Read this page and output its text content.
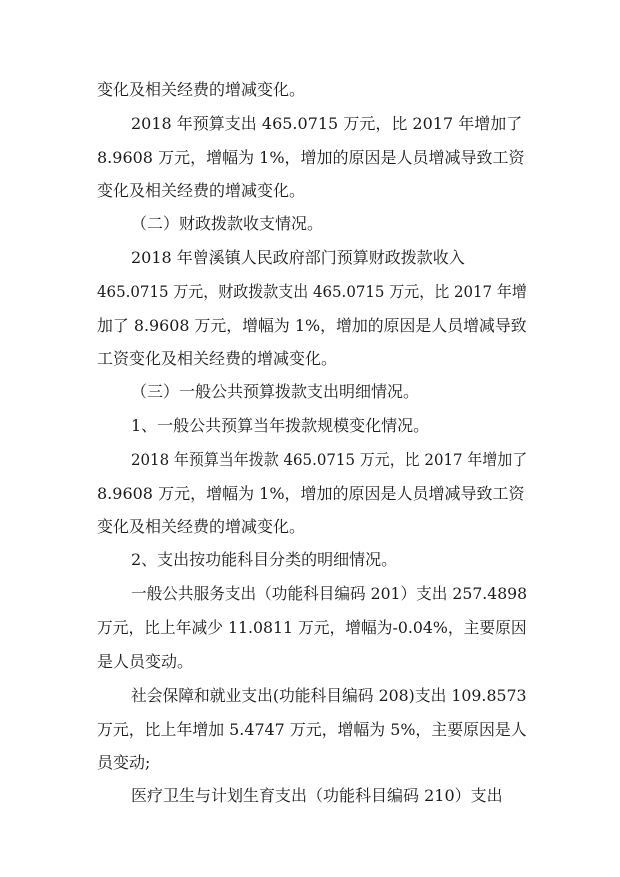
变化及相关经费的增减变化。
2018 年预算支出 465.0715 万元，比 2017 年增加了
8.9608 万元，增幅为 1%，增加的原因是人员增减导致工资
变化及相关经费的增减变化。
（二）财政拨款收支情况。
2018 年曾溪镇人民政府部门预算财政拨款收入
465.0715 万元，财政拨款支出 465.0715 万元，比 2017 年增
加了 8.9608 万元，增幅为 1%，增加的原因是人员增减导致
工资变化及相关经费的增减变化。
（三）一般公共预算拨款支出明细情况。
1、一般公共预算当年拨款规模变化情况。
2018 年预算当年拨款 465.0715 万元，比 2017 年增加了
8.9608 万元，增幅为 1%，增加的原因是人员增减导致工资
变化及相关经费的增减变化。
2、支出按功能科目分类的明细情况。
一般公共服务支出（功能科目编码 201）支出 257.4898
万元，比上年减少 11.0811 万元，增幅为-0.04%，主要原因
是人员变动。
社会保障和就业支出(功能科目编码 208)支出 109.8573
万元，比上年增加 5.4747 万元，增幅为 5%，主要原因是人
员变动;
医疗卫生与计划生育支出（功能科目编码 210）支出
